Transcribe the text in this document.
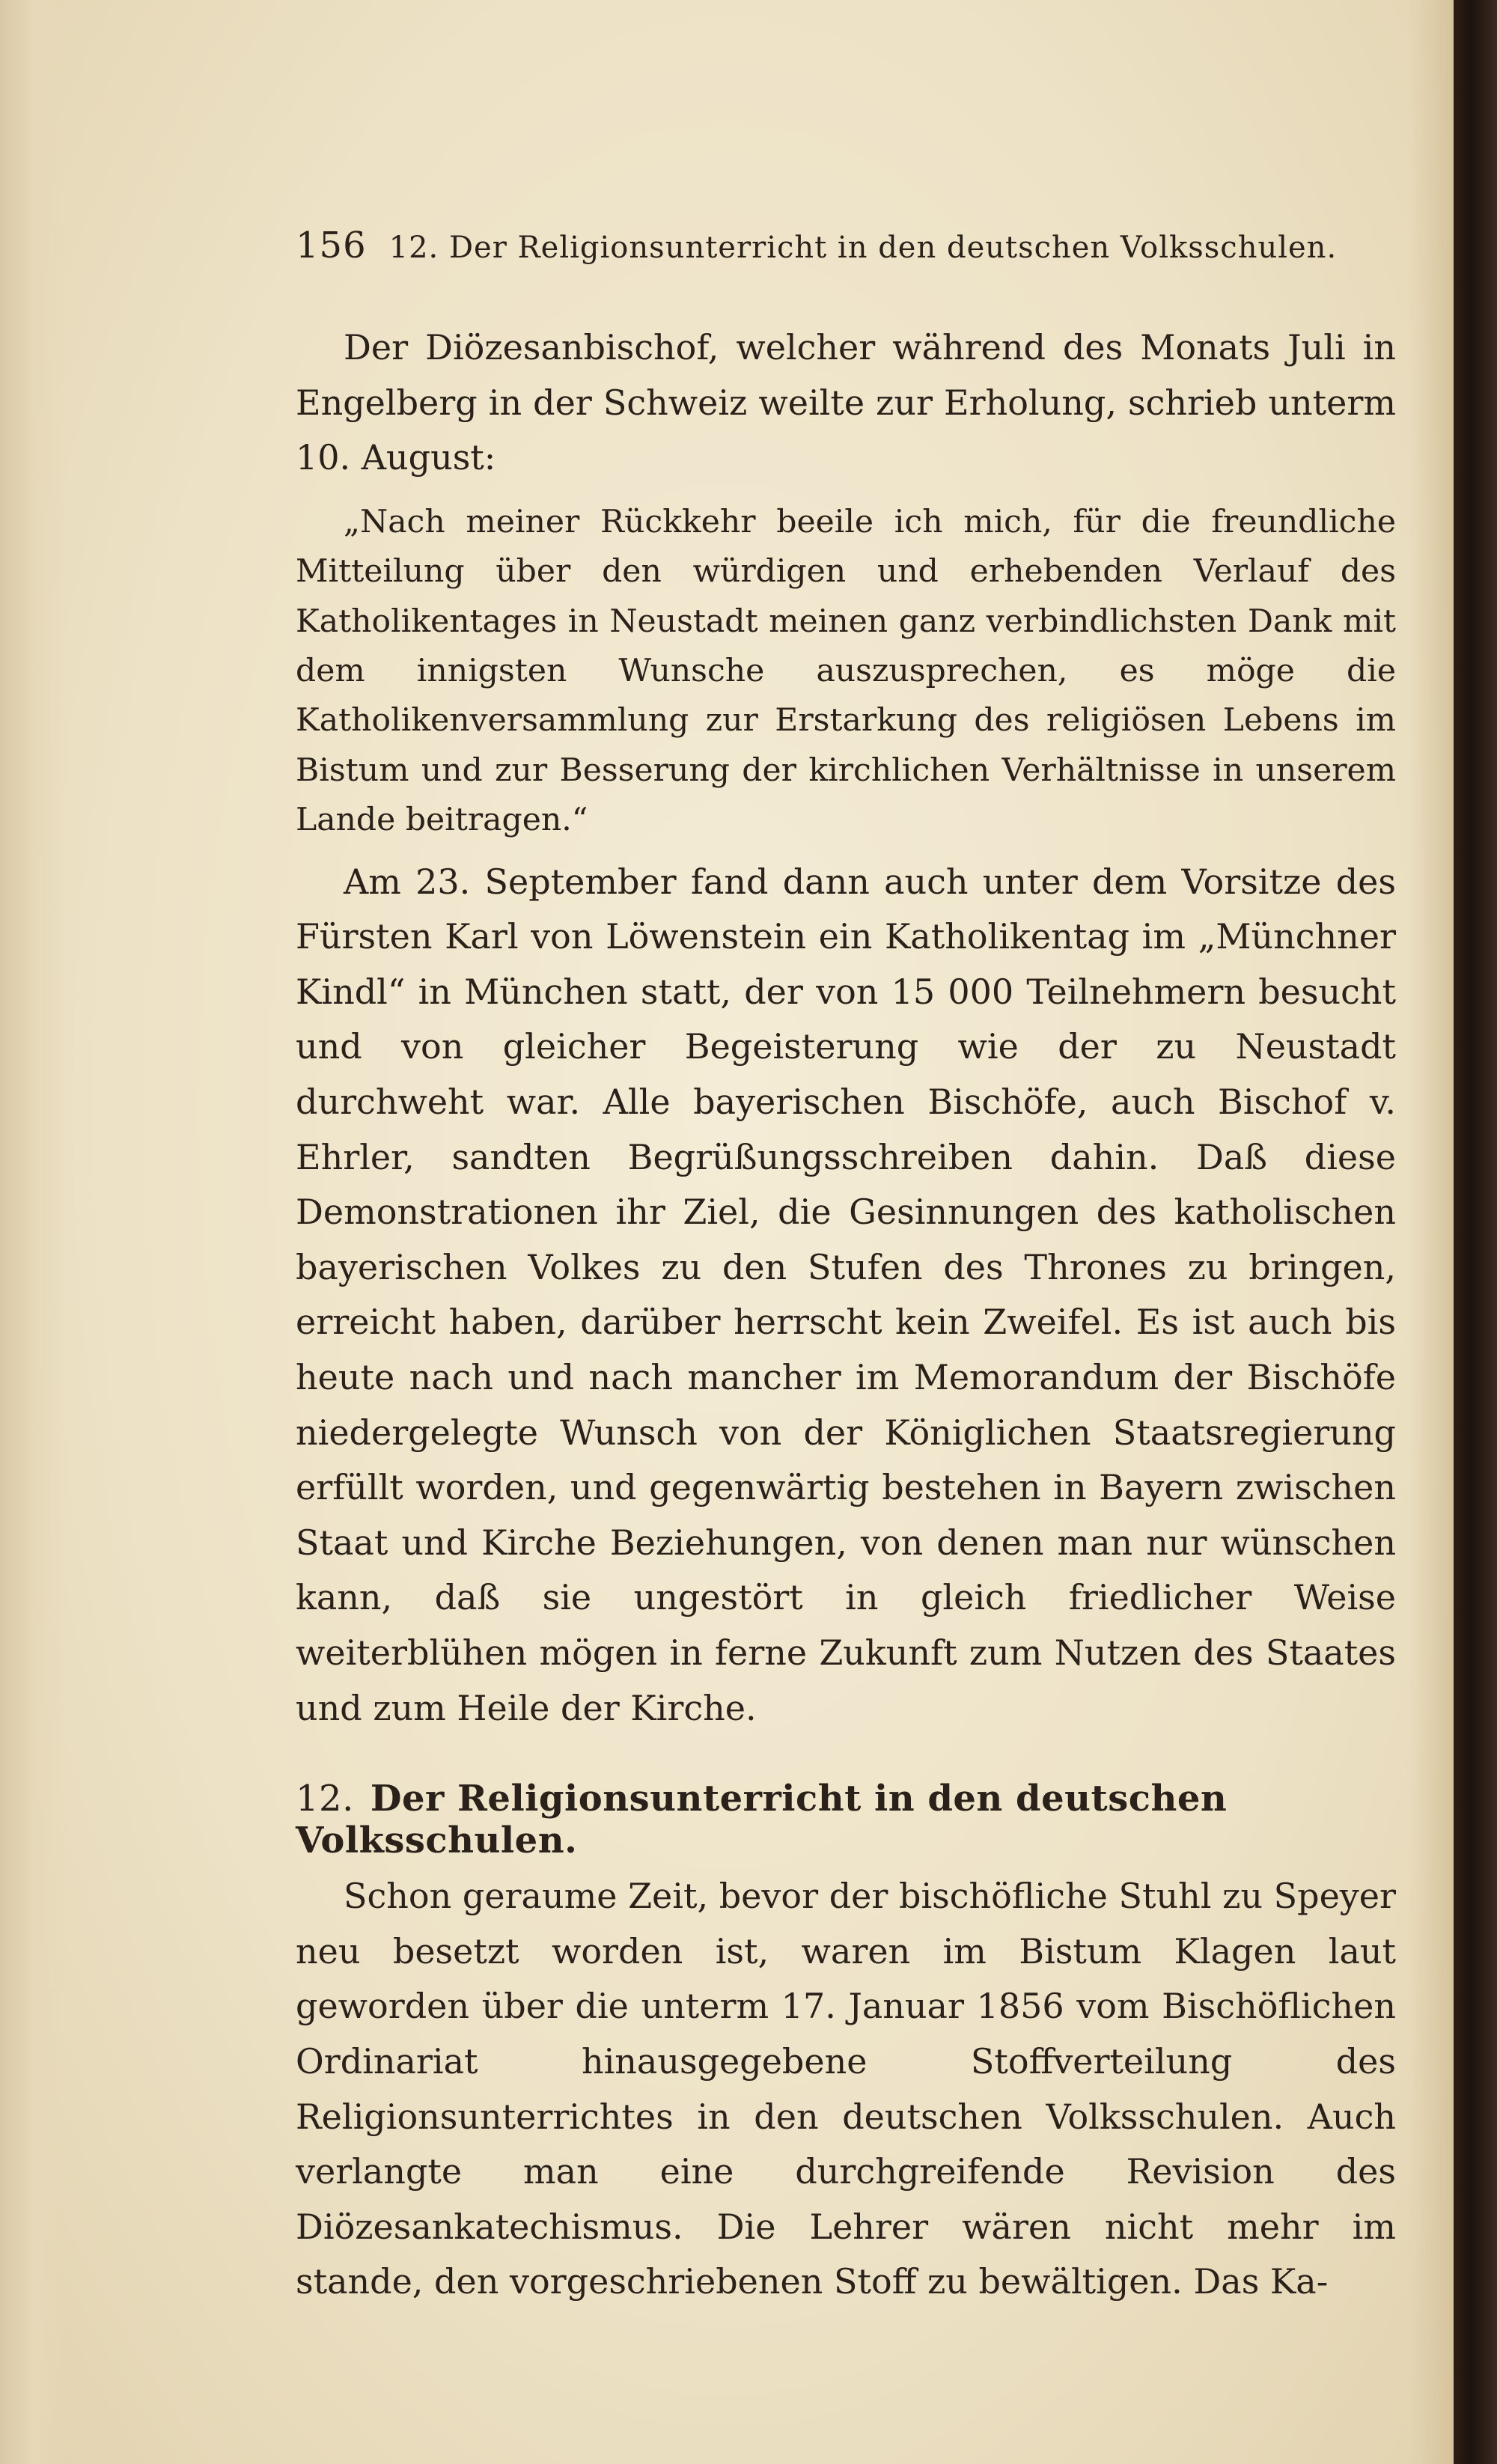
156 12. Der Religionsunterricht in den deutschen Volksschulen.

Der Diözesanbischof, welcher während des Monats Juli in Engelberg in der Schweiz weilte zur Erholung, schrieb unterm 10. August:

„Nach meiner Rückkehr beeile ich mich, für die freundliche Mitteilung über den würdigen und erhebenden Verlauf des Katholikentages in Neustadt meinen ganz verbindlichsten Dank mit dem innigsten Wunsche auszusprechen, es möge die Katholikenversammlung zur Erstarkung des religiösen Lebens im Bistum und zur Besserung der kirchlichen Verhältnisse in unserem Lande beitragen.“

Am 23. September fand dann auch unter dem Vorsitze des Fürsten Karl von Löwenstein ein Katholikentag im „Münchner Kindl“ in München statt, der von 15 000 Teilnehmern besucht und von gleicher Begeisterung wie der zu Neustadt durchweht war. Alle bayerischen Bischöfe, auch Bischof v. Ehrler, sandten Begrüßungsschreiben dahin. Daß diese Demonstrationen ihr Ziel, die Gesinnungen des katholischen bayerischen Volkes zu den Stufen des Thrones zu bringen, erreicht haben, darüber herrscht kein Zweifel. Es ist auch bis heute nach und nach mancher im Memorandum der Bischöfe niedergelegte Wunsch von der Königlichen Staatsregierung erfüllt worden, und gegenwärtig bestehen in Bayern zwischen Staat und Kirche Beziehungen, von denen man nur wünschen kann, daß sie ungestört in gleich friedlicher Weise weiterblühen mögen in ferne Zukunft zum Nutzen des Staates und zum Heile der Kirche.

12. Der Religionsunterricht in den deutschen Volksschulen.

Schon geraume Zeit, bevor der bischöfliche Stuhl zu Speyer neu besetzt worden ist, waren im Bistum Klagen laut geworden über die unterm 17. Januar 1856 vom Bischöflichen Ordinariat hinausgegebene Stoffverteilung des Religionsunterrichtes in den deutschen Volksschulen. Auch verlangte man eine durchgreifende Revision des Diözesankatechismus. Die Lehrer wären nicht mehr im stande, den vorgeschriebenen Stoff zu bewältigen. Das Ka-
